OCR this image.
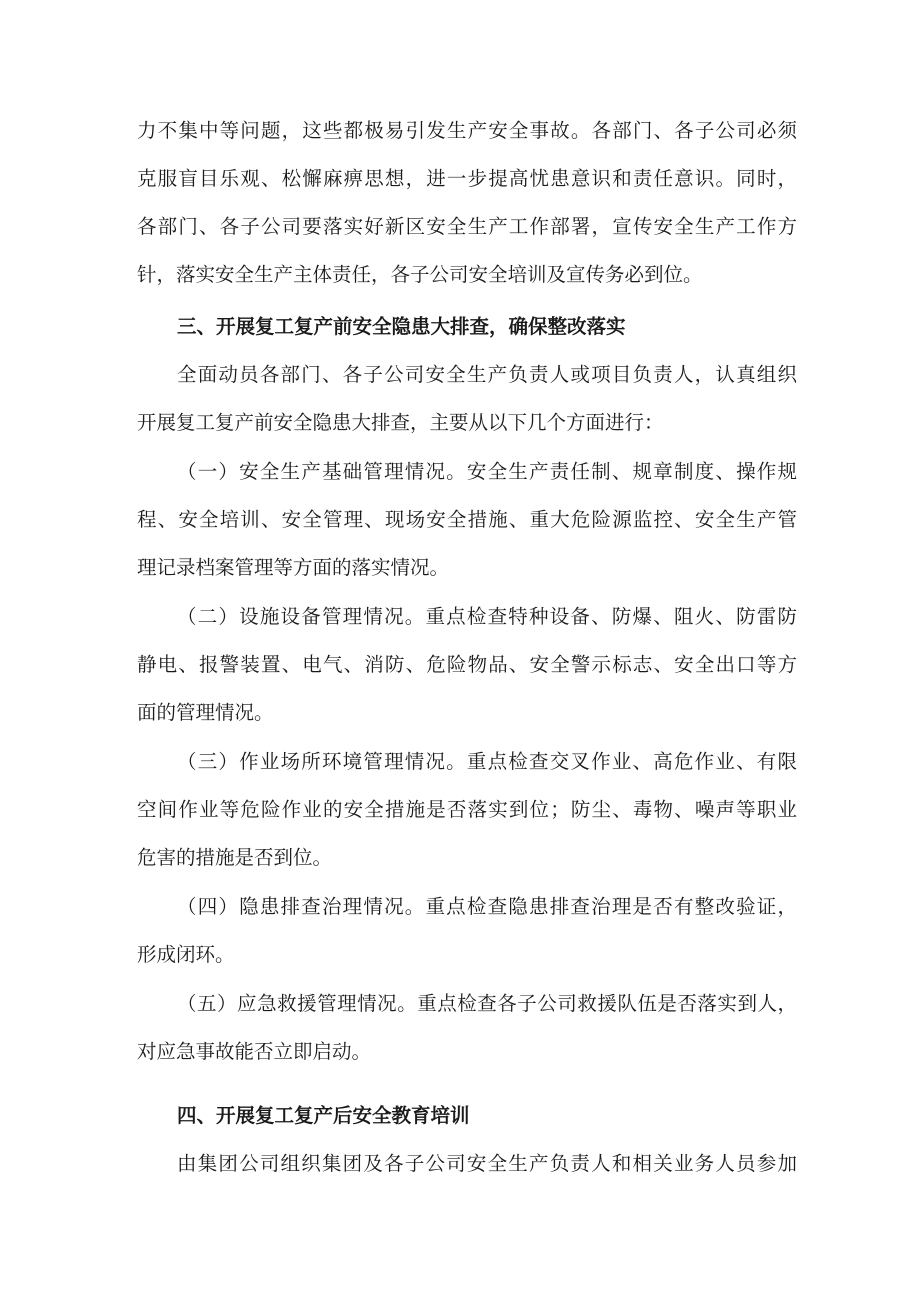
力不集中等问题，这些都极易引发生产安全事故。各部门、各子公司必须
克服盲目乐观、松懈麻痹思想，进一步提高忧患意识和责任意识。同时，
各部门、各子公司要落实好新区安全生产工作部署，宣传安全生产工作方
针，落实安全生产主体责任，各子公司安全培训及宣传务必到位。
三、开展复工复产前安全隐患大排查，确保整改落实
全面动员各部门、各子公司安全生产负责人或项目负责人，认真组织
开展复工复产前安全隐患大排查，主要从以下几个方面进行：
（一）安全生产基础管理情况。安全生产责任制、规章制度、操作规
程、安全培训、安全管理、现场安全措施、重大危险源监控、安全生产管
理记录档案管理等方面的落实情况。
（二）设施设备管理情况。重点检查特种设备、防爆、阻火、防雷防
静电、报警装置、电气、消防、危险物品、安全警示标志、安全出口等方
面的管理情况。
（三）作业场所环境管理情况。重点检查交叉作业、高危作业、有限
空间作业等危险作业的安全措施是否落实到位；防尘、毒物、噪声等职业
危害的措施是否到位。
（四）隐患排查治理情况。重点检查隐患排查治理是否有整改验证，
形成闭环。
（五）应急救援管理情况。重点检查各子公司救援队伍是否落实到人，
对应急事故能否立即启动。
四、开展复工复产后安全教育培训
由集团公司组织集团及各子公司安全生产负责人和相关业务人员参加
